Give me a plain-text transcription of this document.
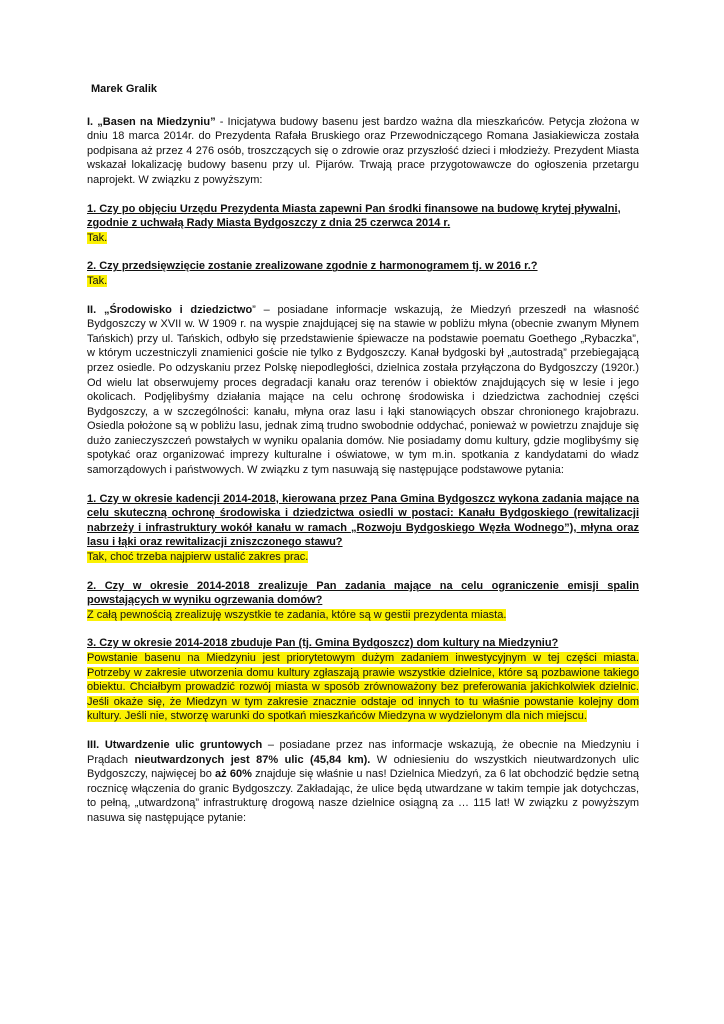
Marek Gralik

I. „Basen na Miedzyniu” - Inicjatywa budowy basenu jest bardzo ważna dla mieszkańców. Petycja złożona w dniu 18 marca 2014r. do Prezydenta Rafała Bruskiego oraz Przewodniczącego Romana Jasiakiewicza została podpisana aż przez 4 276 osób, troszczących się o zdrowie oraz przyszłość dzieci i młodzieży. Prezydent Miasta wskazał lokalizację budowy basenu przy ul. Pijarów. Trwają prace przygotowawcze do ogłoszenia przetargu naprojekt. W związku z powyższym:

1. Czy po objęciu Urzędu Prezydenta Miasta zapewni Pan środki finansowe na budowę krytej pływalni, zgodnie z uchwałą Rady Miasta Bydgoszczy z dnia 25 czerwca 2014 r.

Tak.

2. Czy przedsięwzięcie zostanie zrealizowane zgodnie z harmonogramem tj. w 2016 r.?

Tak.

II. „Środowisko i dziedzictwo” – posiadane informacje wskazują, że Miedzyń przeszedł na własność Bydgoszczy w XVII w. W 1909 r. na wyspie znajdującej się na stawie w pobliżu młyna (obecnie zwanym Młynem Tańskich) przy ul. Tańskich, odbyło się przedstawienie śpiewacze na podstawie poematu Goethego „Rybaczka”, w którym uczestniczyli znamienici goście nie tylko z Bydgoszczy. Kanał bydgoski był „autostradą” przebiegającą przez osiedle. Po odzyskaniu przez Polskę niepodległości, dzielnica została przyłączona do Bydgoszczy (1920r.) Od wielu lat obserwujemy proces degradacji kanału oraz terenów i obiektów znajdujących się w lesie i jego okolicach. Podjęlibyśmy działania mające na celu ochronę środowiska i dziedzictwa zachodniej części Bydgoszczy, a w szczególności: kanału, młyna oraz lasu i łąki stanowiących obszar chronionego krajobrazu. Osiedla położone są w pobliżu lasu, jednak zimą trudno swobodnie oddychać, ponieważ w powietrzu znajduje się dużo zanieczyszczeń powstałych w wyniku opalania domów. Nie posiadamy domu kultury, gdzie moglibyśmy się spotykać oraz organizować imprezy kulturalne i oświatowe, w tym m.in. spotkania z kandydatami do władz samorządowych i państwowych. W związku z tym nasuwają się następujące podstawowe pytania:

1. Czy w okresie kadencji 2014-2018, kierowana przez Pana Gmina Bydgoszcz wykona zadania mające na celu skuteczną ochronę środowiska i dziedzictwa osiedli w postaci: Kanału Bydgoskiego (rewitalizacji nabrzeży i infrastruktury wokół kanału w ramach „Rozwoju Bydgoskiego Węzła Wodnego”), młyna oraz lasu i łąki oraz rewitalizacji zniszczonego stawu?

Tak, choć trzeba najpierw ustalić zakres prac.

2. Czy w okresie 2014-2018 zrealizuje Pan zadania mające na celu ograniczenie emisji spalin powstających w wyniku ogrzewania domów?

Z całą pewnością zrealizuję wszystkie te zadania, które są w gestii prezydenta miasta.

3. Czy w okresie 2014-2018 zbuduje Pan (tj. Gmina Bydgoszcz) dom kultury na Miedzyniu?

Powstanie basenu na Miedzyniu jest priorytetowym dużym zadaniem inwestycyjnym w tej części miasta. Potrzeby w zakresie utworzenia domu kultury zgłaszają prawie wszystkie dzielnice, które są pozbawione takiego obiektu. Chciałbym prowadzić rozwój miasta w sposób zrównoważony bez preferowania jakichkolwiek dzielnic. Jeśli okaże się, że Miedzyn w tym zakresie znacznie odstaje od innych to tu właśnie powstanie kolejny dom kultury. Jeśli nie, stworzę warunki do spotkań mieszkańców Miedzyna w wydzielonym dla nich miejscu.

III. Utwardzenie ulic gruntowych – posiadane przez nas informacje wskazują, że obecnie na Miedzyniu i Prądach nieutwardzonych jest 87% ulic (45,84 km). W odniesieniu do wszystkich nieutwardzonych ulic Bydgoszczy, najwięcej bo aż 60% znajduje się właśnie u nas! Dzielnica Miedzyń, za 6 lat obchodzić będzie setną rocznicę włączenia do granic Bydgoszczy. Zakładając, że ulice będą utwardzane w takim tempie jak dotychczas, to pełną, „utwardzoną” infrastrukturę drogową nasze dzielnice osiągną za … 115 lat! W związku z powyższym nasuwa się następujące pytanie:
